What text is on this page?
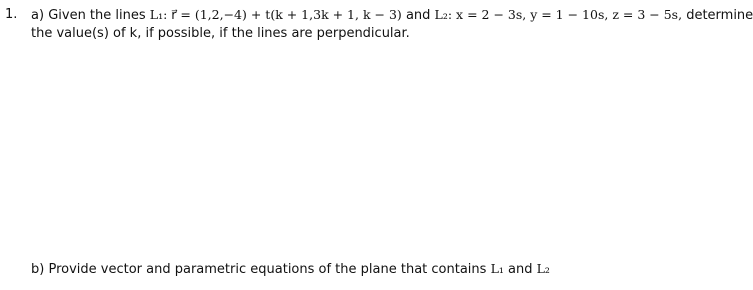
1. a) Given the lines L₁: r⃗ = (1,2,−4) + t(k + 1,3k + 1, k − 3) and L₂: x = 2 − 3s, y = 1 − 10s, z = 3 − 5s, determine
the value(s) of k, if possible, if the lines are perpendicular.
b) Provide vector and parametric equations of the plane that contains L₁ and L₂
